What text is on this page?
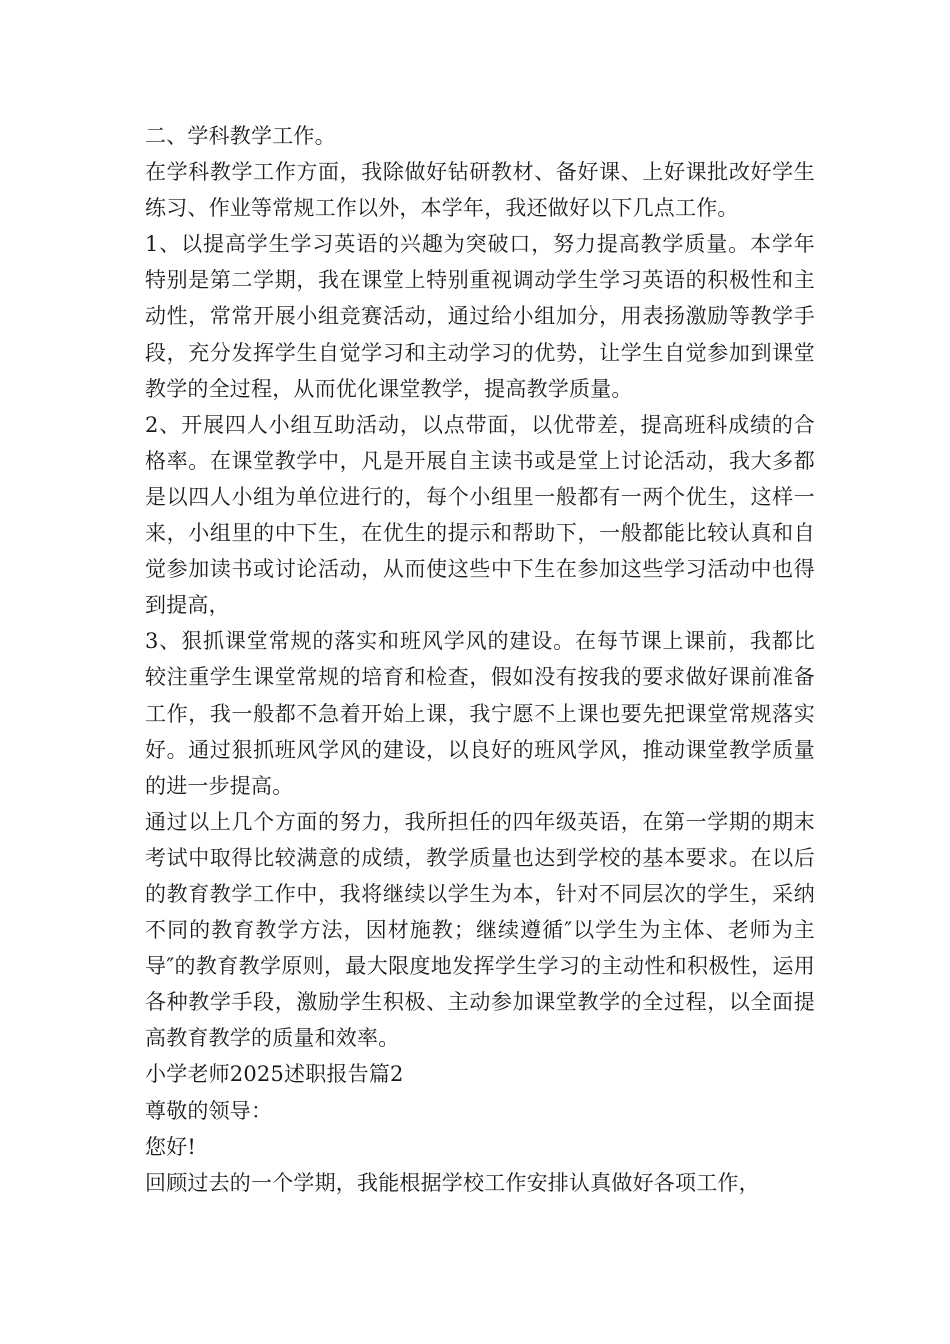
二、学科教学工作。

在学科教学工作方面，我除做好钻研教材、备好课、上好课批改好学生练习、作业等常规工作以外，本学年，我还做好以下几点工作。

1、以提高学生学习英语的兴趣为突破口，努力提高教学质量。本学年特别是第二学期，我在课堂上特别重视调动学生学习英语的积极性和主动性，常常开展小组竞赛活动，通过给小组加分，用表扬激励等教学手段，充分发挥学生自觉学习和主动学习的优势，让学生自觉参加到课堂教学的全过程，从而优化课堂教学，提高教学质量。

2、开展四人小组互助活动，以点带面，以优带差，提高班科成绩的合格率。在课堂教学中，凡是开展自主读书或是堂上讨论活动，我大多都是以四人小组为单位进行的，每个小组里一般都有一两个优生，这样一来，小组里的中下生，在优生的提示和帮助下，一般都能比较认真和自觉参加读书或讨论活动，从而使这些中下生在参加这些学习活动中也得到提高，

3、狠抓课堂常规的落实和班风学风的建设。在每节课上课前，我都比较注重学生课堂常规的培育和检查，假如没有按我的要求做好课前准备工作，我一般都不急着开始上课，我宁愿不上课也要先把课堂常规落实好。通过狠抓班风学风的建设，以良好的班风学风，推动课堂教学质量的进一步提高。

通过以上几个方面的努力，我所担任的四年级英语，在第一学期的期末考试中取得比较满意的成绩，教学质量也达到学校的基本要求。在以后的教育教学工作中，我将继续以学生为本，针对不同层次的学生，采纳不同的教育教学方法，因材施教；继续遵循″以学生为主体、老师为主导″的教育教学原则，最大限度地发挥学生学习的主动性和积极性，运用各种教学手段，激励学生积极、主动参加课堂教学的全过程，以全面提高教育教学的质量和效率。

小学老师2025述职报告篇2

尊敬的领导：

您好!

回顾过去的一个学期，我能根据学校工作安排认真做好各项工作，
